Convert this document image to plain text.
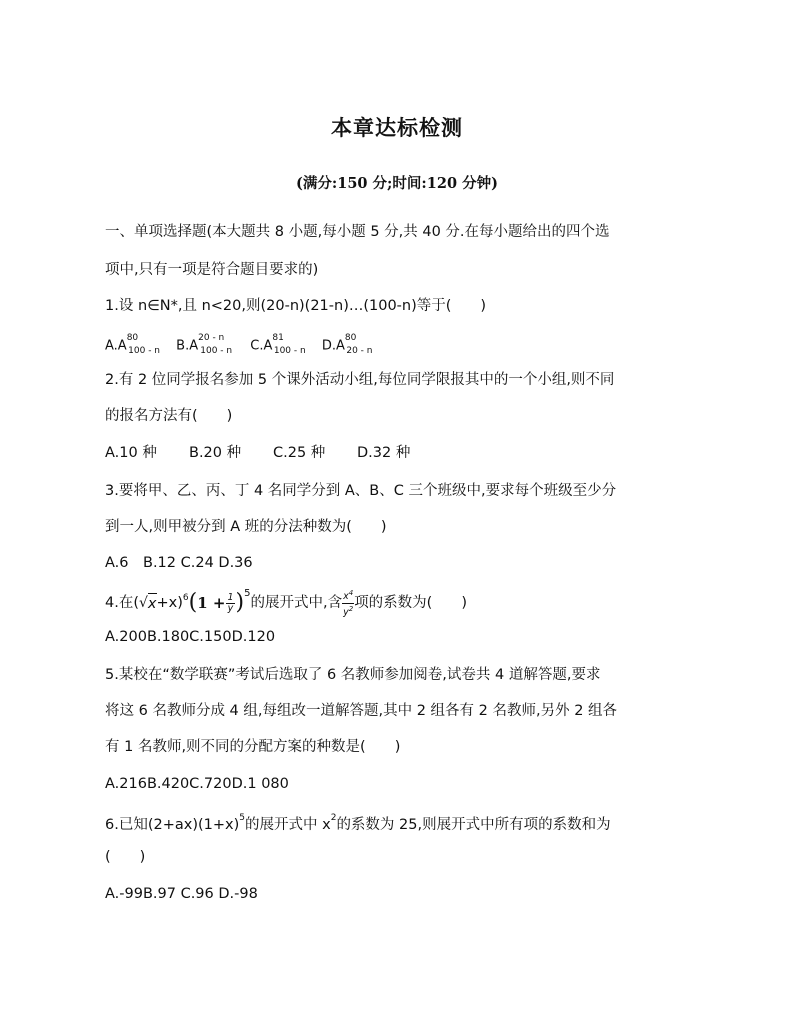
本章达标检测
(满分:150 分;时间:120 分钟)
一、单项选择题(本大题共 8 小题,每小题 5 分,共 40 分.在每小题给出的四个选
项中,只有一项是符合题目要求的)
1.设 n∈N*,且 n<20,则(20-n)(21-n)…(100-n)等于(　　)
$A.A^{80}_{100 - n}$ $B.A^{20 - n}_{100 - n}$ $C.A^{81}_{100 - n}$ $D.A^{80}_{20 - n}$
2.有 2 位同学报名参加 5 个课外活动小组,每位同学限报其中的一个小组,则不同
的报名方法有(　　)
A.10 种 B.20 种 C.25 种 D.32 种
3.要将甲、乙、丙、丁 4 名同学分到 A、B、C 三个班级中,要求每个班级至少分
到一人,则甲被分到 A 班的分法种数为(　　)
A.6　B.12 C.24 D.36
4.在( √ x +x)$^6$ ( $1 + \frac{1}{y} )^5$
的展开式中,含 $\frac{x^4}{y^2}$ 项的系数为(　　)
A.200B.180C.150D.120
5.某校在“数学联赛”考试后选取了 6 名教师参加阅卷,试卷共 4 道解答题,要求
将这 6 名教师分成 4 组,每组改一道解答题,其中 2 组各有 2 名教师,另外 2 组各
有 1 名教师,则不同的分配方案的种数是(　　)
A.216B.420C.720D.1 080
6.已知$(2+ax)(1+x)^5$的展开式中 $x^2$的系数为 25,则展开式中所有项的系数和为
(　　)
A.-99B.97 C.96 D.-98
